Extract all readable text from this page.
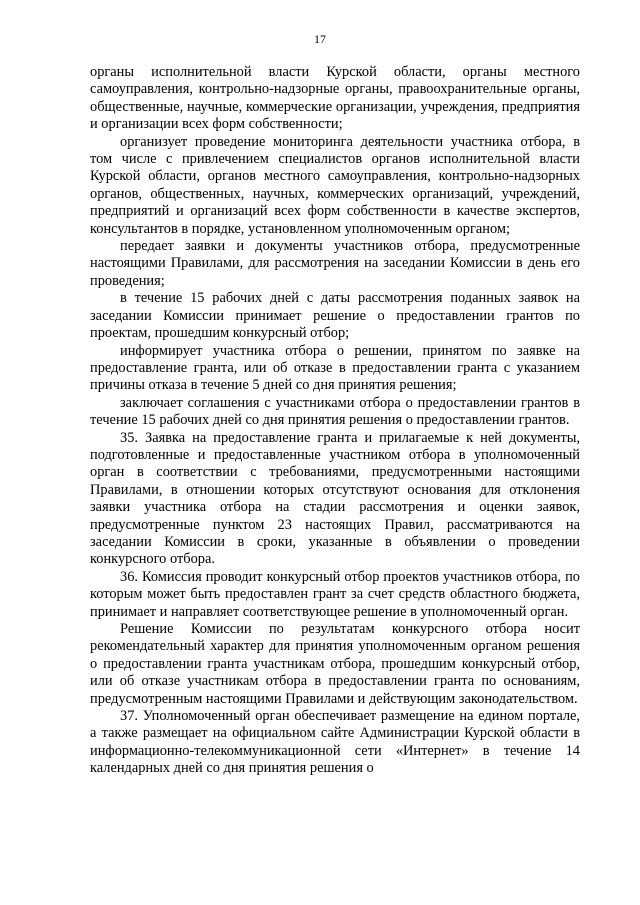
17

органы исполнительной власти Курской области, органы местного самоуправления, контрольно-надзорные органы, правоохранительные органы, общественные, научные, коммерческие организации, учреждения, предприятия и организации всех форм собственности;

организует проведение мониторинга деятельности участника отбора, в том числе с привлечением специалистов органов исполнительной власти Курской области, органов местного самоуправления, контрольно-надзорных органов, общественных, научных, коммерческих организаций, учреждений, предприятий и организаций всех форм собственности в качестве экспертов, консультантов в порядке, установленном уполномоченным органом;

передает заявки и документы участников отбора, предусмотренные настоящими Правилами, для рассмотрения на заседании Комиссии в день его проведения;

в течение 15 рабочих дней с даты рассмотрения поданных заявок на заседании Комиссии принимает решение о предоставлении грантов по проектам, прошедшим конкурсный отбор;

информирует участника отбора о решении, принятом по заявке на предоставление гранта, или об отказе в предоставлении гранта с указанием причины отказа в течение 5 дней со дня принятия решения;

заключает соглашения с участниками отбора о предоставлении грантов в течение 15 рабочих дней со дня принятия решения о предоставлении грантов.

35. Заявка на предоставление гранта и прилагаемые к ней документы, подготовленные и предоставленные участником отбора в уполномоченный орган в соответствии с требованиями, предусмотренными настоящими Правилами, в отношении которых отсутствуют основания для отклонения заявки участника отбора на стадии рассмотрения и оценки заявок, предусмотренные пунктом 23 настоящих Правил, рассматриваются на заседании Комиссии в сроки, указанные в объявлении о проведении конкурсного отбора.

36. Комиссия проводит конкурсный отбор проектов участников отбора, по которым может быть предоставлен грант за счет средств областного бюджета, принимает и направляет соответствующее решение в уполномоченный орган.

Решение Комиссии по результатам конкурсного отбора носит рекомендательный характер для принятия уполномоченным органом решения о предоставлении гранта участникам отбора, прошедшим конкурсный отбор, или об отказе участникам отбора в предоставлении гранта по основаниям, предусмотренным настоящими Правилами и действующим законодательством.

37. Уполномоченный орган обеспечивает размещение на едином портале, а также размещает на официальном сайте Администрации Курской области в информационно-телекоммуникационной сети «Интернет» в течение 14 календарных дней со дня принятия решения о
